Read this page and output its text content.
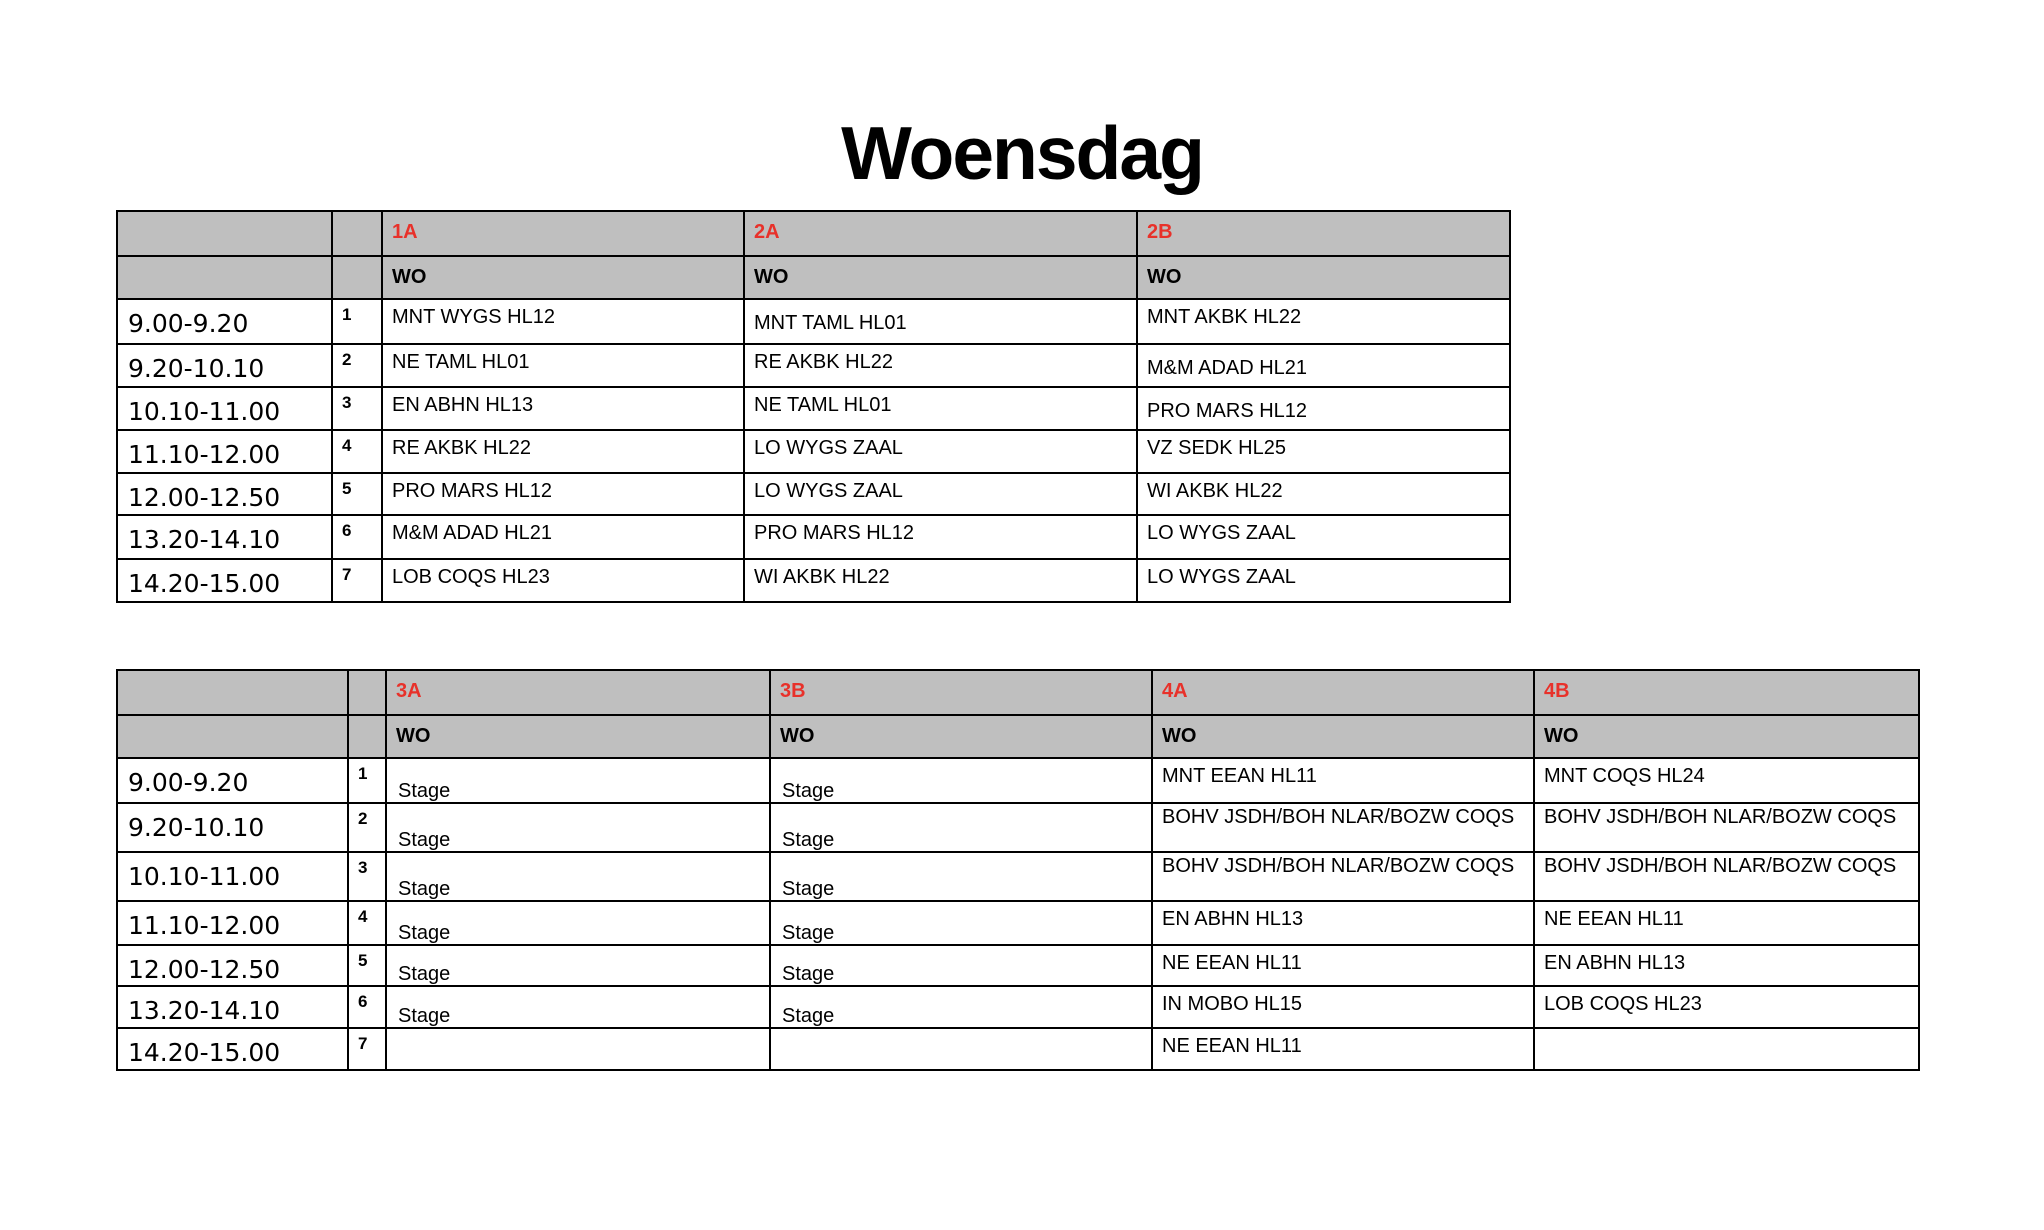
Woensdag

		1A	2A	2B

		WO	WO	WO

9.00-9.20	1	MNT WYGS HL12	MNT TAML HL01	MNT AKBK HL22

9.20-10.10	2	NE TAML HL01	RE AKBK HL22	M&M ADAD HL21

10.10-11.00	3	EN ABHN HL13	NE TAML HL01	PRO MARS HL12

11.10-12.00	4	RE AKBK HL22	LO WYGS ZAAL	VZ SEDK HL25

12.00-12.50	5	PRO MARS HL12	LO WYGS ZAAL	WI AKBK HL22

13.20-14.10	6	M&M ADAD HL21	PRO MARS HL12	LO WYGS ZAAL

14.20-15.00	7	LOB COQS HL23	WI AKBK HL22	LO WYGS ZAAL

		3A	3B	4A	4B

		WO	WO	WO	WO

9.00-9.20	1	Stage	Stage	MNT EEAN HL11	MNT COQS HL24

9.20-10.10	2	Stage	Stage	BOHV JSDH/BOH NLAR/BOZW COQS	BOHV JSDH/BOH NLAR/BOZW COQS

10.10-11.00	3	Stage	Stage	BOHV JSDH/BOH NLAR/BOZW COQS	BOHV JSDH/BOH NLAR/BOZW COQS

11.10-12.00	4	Stage	Stage	EN ABHN HL13	NE EEAN HL11

12.00-12.50	5	Stage	Stage	NE EEAN HL11	EN ABHN HL13

13.20-14.10	6	Stage	Stage	IN MOBO HL15	LOB COQS HL23

14.20-15.00	7			NE EEAN HL11	
